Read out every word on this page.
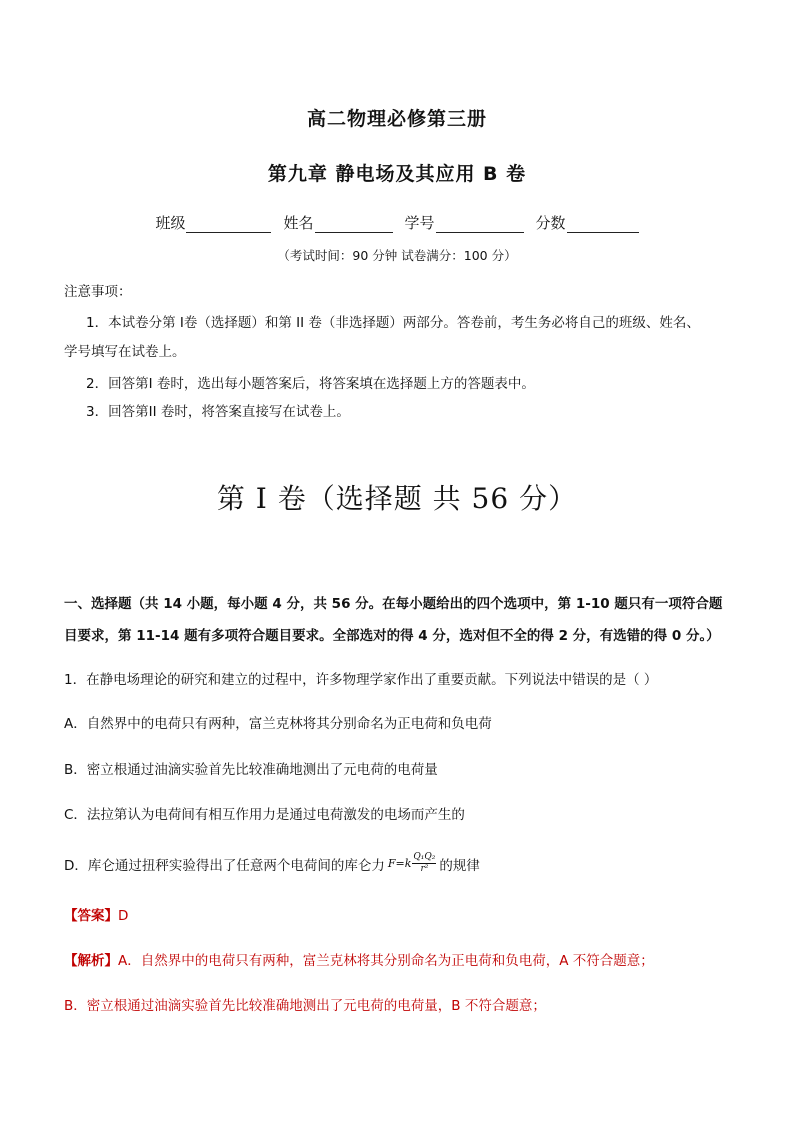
高二物理必修第三册
第九章 静电场及其应用 B 卷
班级	姓名	学号	分数
（考试时间：90 分钟 试卷满分：100 分）
注意事项：
1．本试卷分第 I卷（选择题）和第 II 卷（非选择题）两部分。答卷前，考生务必将自己的班级、姓名、
学号填写在试卷上。
2．回答第I 卷时，选出每小题答案后，将答案填在选择题上方的答题表中。
3．回答第II 卷时，将答案直接写在试卷上。
第 I 卷（选择题 共 56 分）
一、选择题（共 14 小题，每小题 4 分，共 56 分。在每小题给出的四个选项中，第 1-10 题只有一项符合题
目要求，第 11-14 题有多项符合题目要求。全部选对的得 4 分，选对但不全的得 2 分，有选错的得 0 分。）
1．在静电场理论的研究和建立的过程中，许多物理学家作出了重要贡献。下列说法中错误的是（ ）
A．自然界中的电荷只有两种，富兰克林将其分别命名为正电荷和负电荷
B．密立根通过油滴实验首先比较准确地测出了元电荷的电荷量
C．法拉第认为电荷间有相互作用力是通过电荷激发的电场而产生的
D．库仑通过扭秤实验得出了任意两个电荷间的库仑力 $F=k \frac{\text{Q₁Q₂}}{\text{r²}}$ 的规律
【答案】D
【解析】A．自然界中的电荷只有两种，富兰克林将其分别命名为正电荷和负电荷，A 不符合题意；
B．密立根通过油滴实验首先比较准确地测出了元电荷的电荷量，B 不符合题意；
